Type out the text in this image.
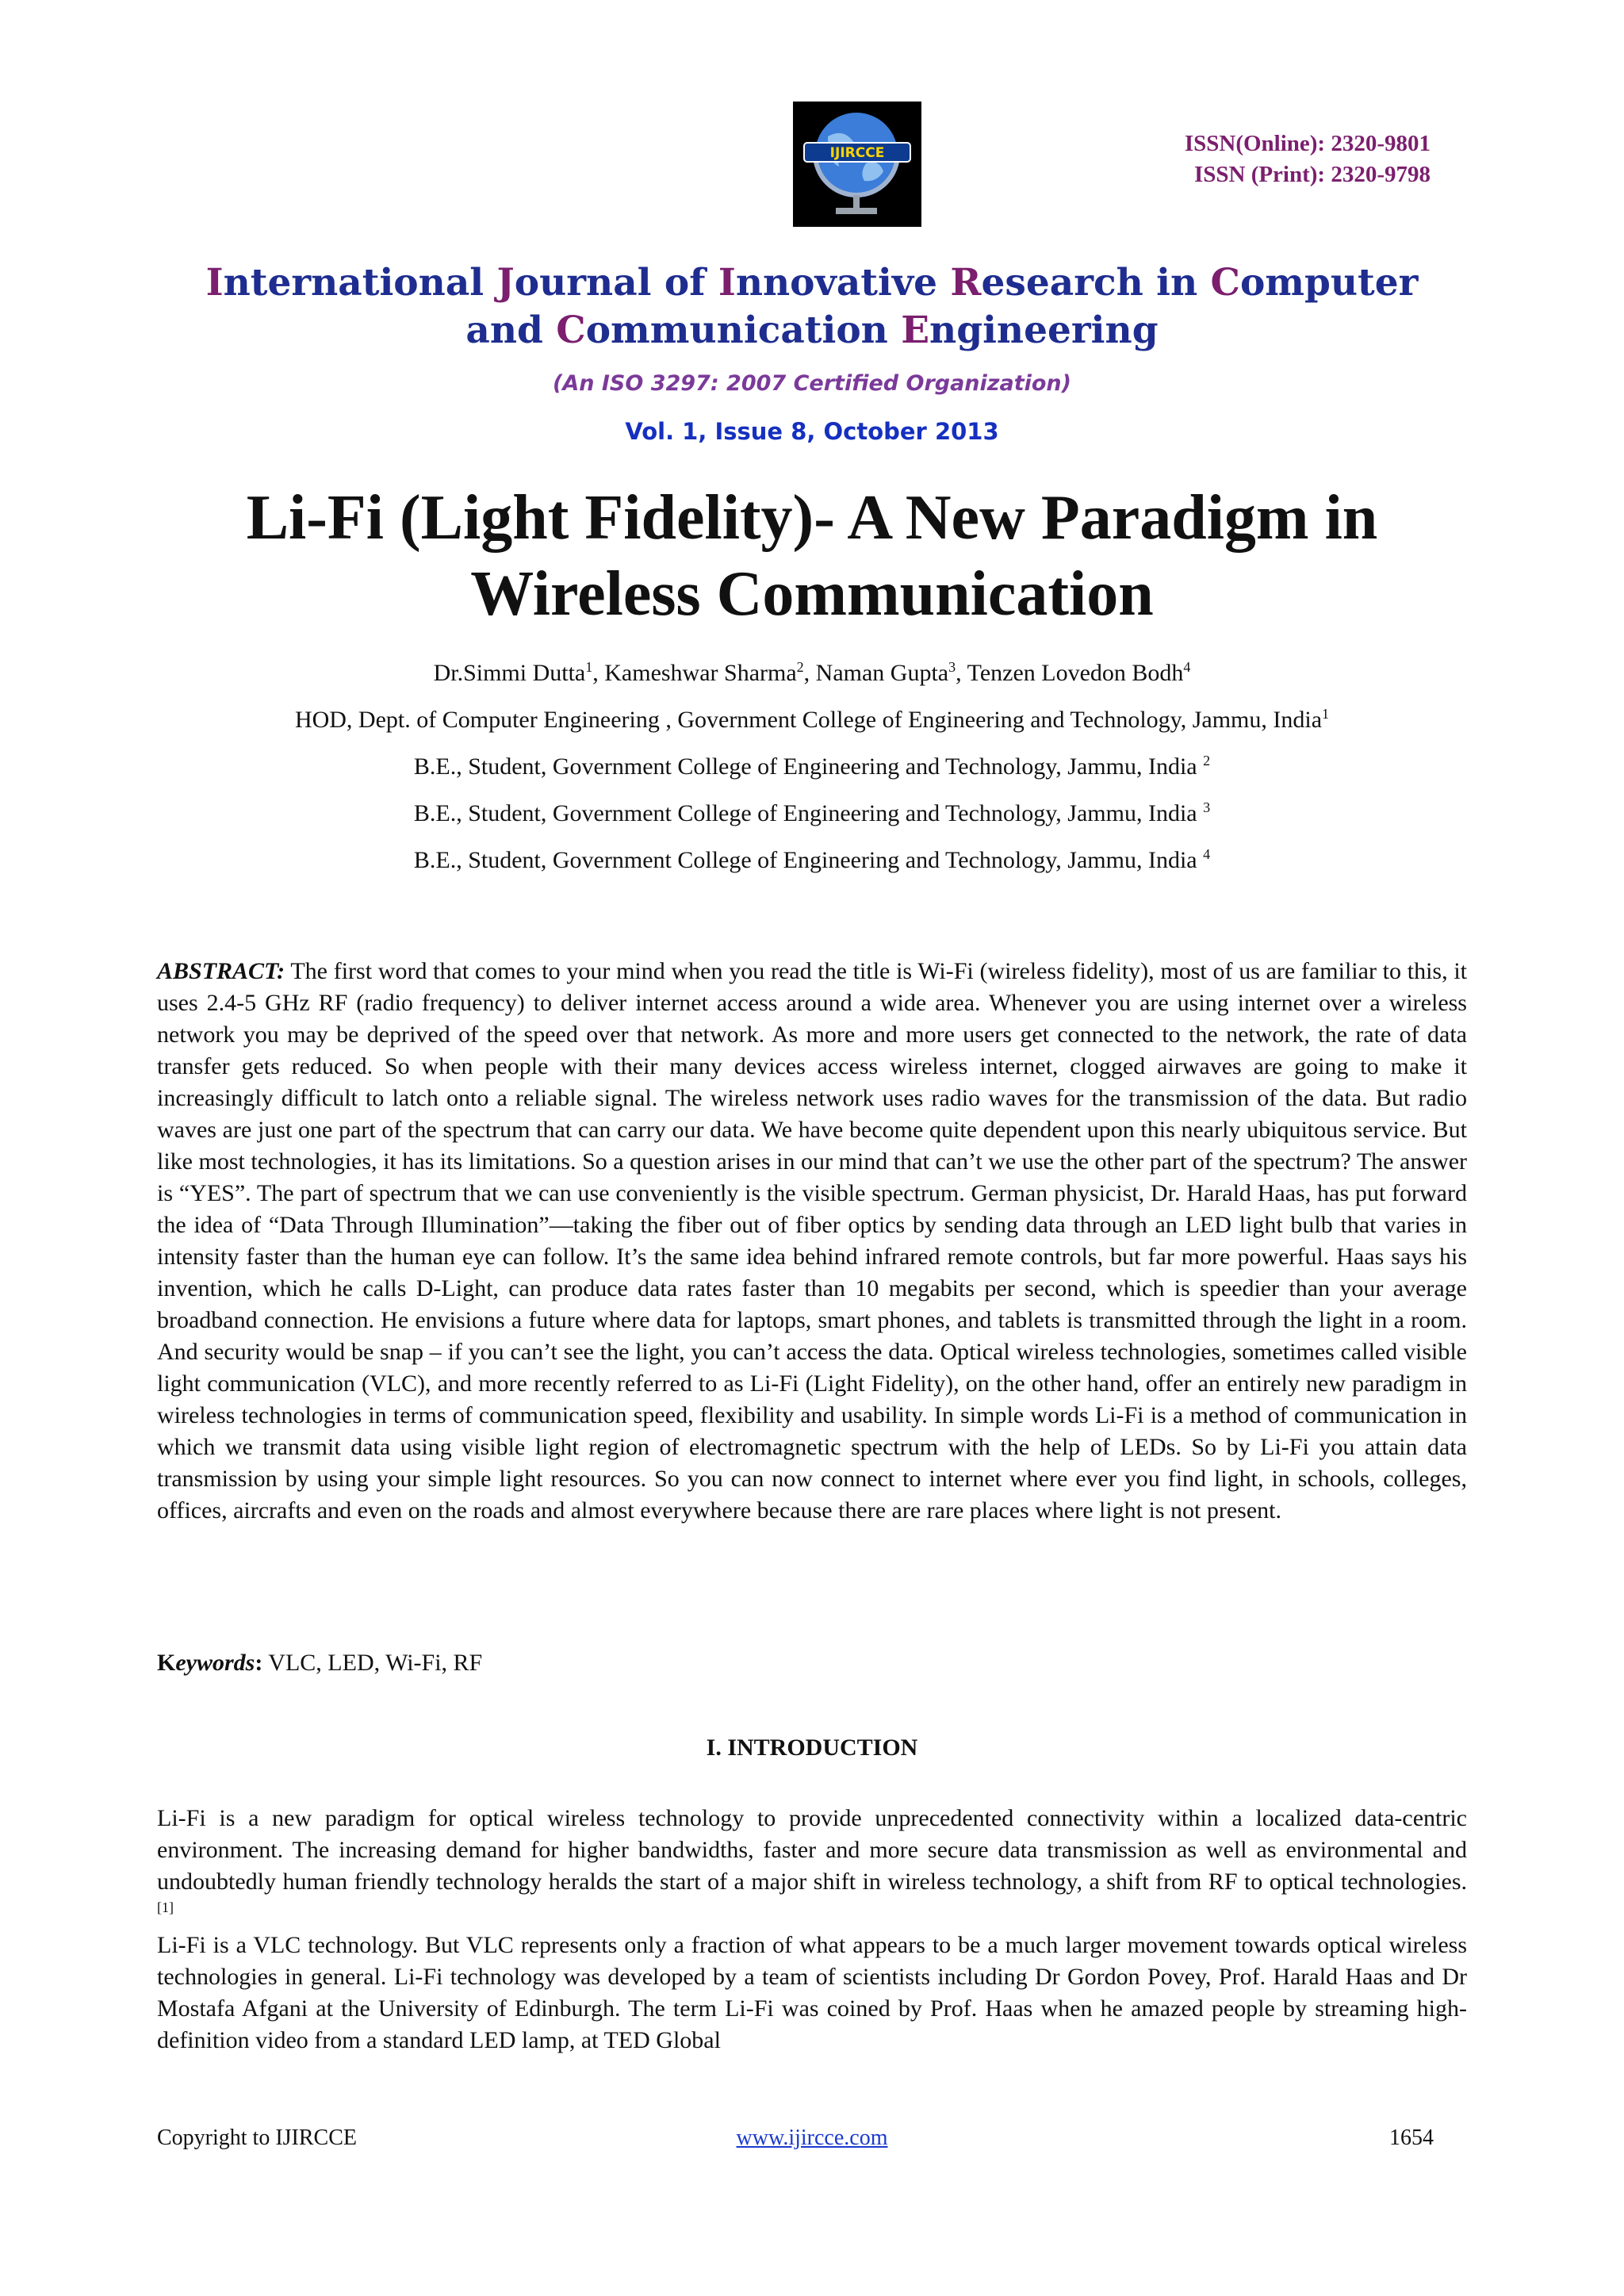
IJIRCCE	ISSN(Online): 2320-9801
ISSN (Print): 2320-9798
International Journal of Innovative Research in Computer
and Communication Engineering
(An ISO 3297: 2007 Certified Organization)
Vol. 1, Issue 8, October 2013
Li-Fi (Light Fidelity)- A New Paradigm in
Wireless Communication
Dr.Simmi Dutta$^1$, Kameshwar Sharma$^2$, Naman Gupta$^3$, Tenzen Lovedon Bodh$^4$
HOD, Dept. of Computer Engineering , Government College of Engineering and Technology, Jammu, India$^1$
B.E., Student, Government College of Engineering and Technology, Jammu, India $^2$
B.E., Student, Government College of Engineering and Technology, Jammu, India $^3$
B.E., Student, Government College of Engineering and Technology, Jammu, India $^4$
ABSTRACT: The first word that comes to your mind when you read the title is Wi-Fi (wireless fidelity), most of us are familiar to this, it uses 2.4-5 GHz RF (radio frequency) to deliver internet access around a wide area. Whenever you are using internet over a wireless network you may be deprived of the speed over that network. As more and more users get connected to the network, the rate of data transfer gets reduced. So when people with their many devices access wireless internet, clogged airwaves are going to make it increasingly difficult to latch onto a reliable signal. The wireless network uses radio waves for the transmission of the data. But radio waves are just one part of the spectrum that can carry our data. We have become quite dependent upon this nearly ubiquitous service. But like most technologies, it has its limitations. So a question arises in our mind that can’t we use the other part of the spectrum? The answer is “YES”. The part of spectrum that we can use conveniently is the visible spectrum. German physicist, Dr. Harald Haas, has put forward the idea of “Data Through Illumination”—taking the fiber out of fiber optics by sending data through an LED light bulb that varies in intensity faster than the human eye can follow. It’s the same idea behind infrared remote controls, but far more powerful. Haas says his invention, which he calls D-Light, can produce data rates faster than 10 megabits per second, which is speedier than your average broadband connection. He envisions a future where data for laptops, smart phones, and tablets is transmitted through the light in a room. And security would be snap – if you can’t see the light, you can’t access the data. Optical wireless technologies, sometimes called visible light communication (VLC), and more recently referred to as Li-Fi (Light Fidelity), on the other hand, offer an entirely new paradigm in wireless technologies in terms of communication speed, flexibility and usability. In simple words Li-Fi is a method of communication in which we transmit data using visible light region of electromagnetic spectrum with the help of LEDs. So by Li-Fi you attain data transmission by using your simple light resources. So you can now connect to internet where ever you find light, in schools, colleges, offices, aircrafts and even on the roads and almost everywhere because there are rare places where light is not present.
Keywords: VLC, LED, Wi-Fi, RF
I. INTRODUCTION
Li-Fi is a new paradigm for optical wireless technology to provide unprecedented connectivity within a localized data-centric environment. The increasing demand for higher bandwidths, faster and more secure data transmission as well as environmental and undoubtedly human friendly technology heralds the start of a major shift in wireless technology, a shift from RF to optical technologies.[1]
Li-Fi is a VLC technology. But VLC represents only a fraction of what appears to be a much larger movement towards optical wireless technologies in general. Li-Fi technology was developed by a team of scientists including Dr Gordon Povey, Prof. Harald Haas and Dr Mostafa Afgani at the University of Edinburgh. The term Li-Fi was coined by Prof. Haas when he amazed people by streaming high-definition video from a standard LED lamp, at TED Global
Copyright to IJIRCCE	www.ijircce.com	1654
